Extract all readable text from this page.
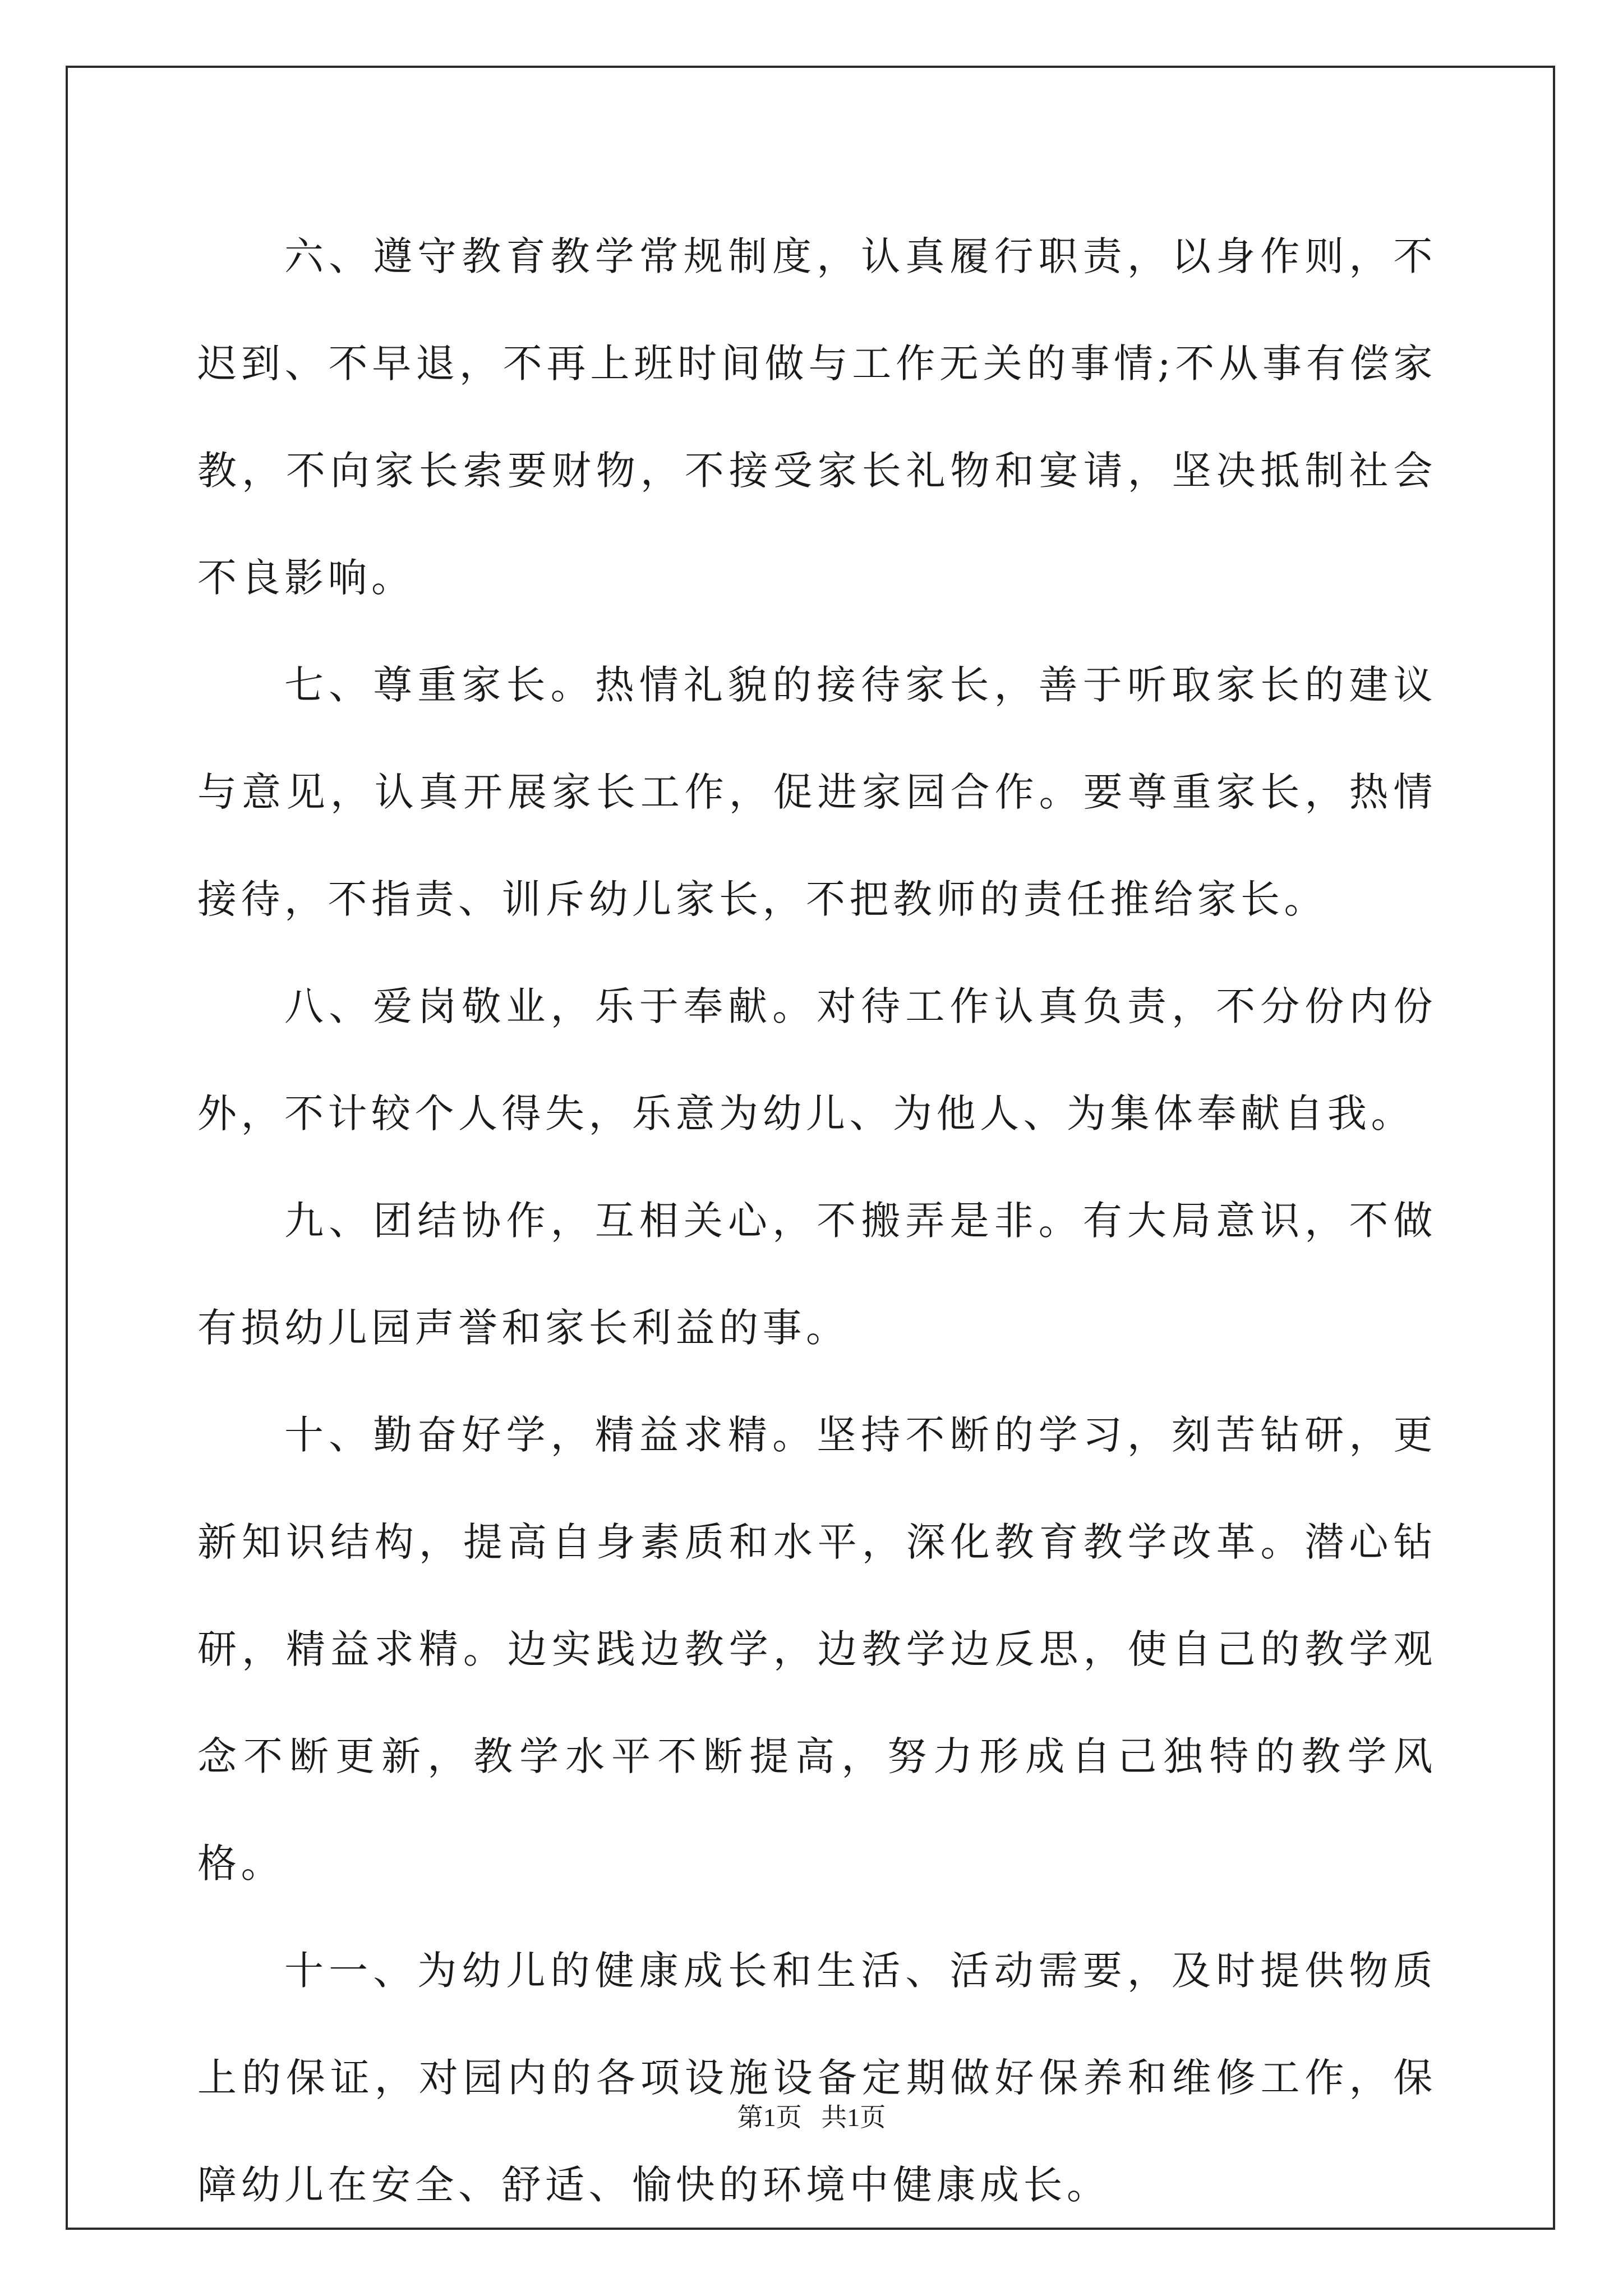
六、遵守教育教学常规制度，认真履行职责，以身作则，不迟到、不早退，不再上班时间做与工作无关的事情;不从事有偿家教，不向家长索要财物，不接受家长礼物和宴请，坚决抵制社会不良影响。

七、尊重家长。热情礼貌的接待家长，善于听取家长的建议与意见，认真开展家长工作，促进家园合作。要尊重家长，热情接待，不指责、训斥幼儿家长，不把教师的责任推给家长。

八、爱岗敬业，乐于奉献。对待工作认真负责，不分份内份外，不计较个人得失，乐意为幼儿、为他人、为集体奉献自我。

九、团结协作，互相关心，不搬弄是非。有大局意识，不做有损幼儿园声誉和家长利益的事。

十、勤奋好学，精益求精。坚持不断的学习，刻苦钻研，更新知识结构，提高自身素质和水平，深化教育教学改革。潜心钻研，精益求精。边实践边教学，边教学边反思，使自己的教学观念不断更新，教学水平不断提高，努力形成自己独特的教学风格。

十一、为幼儿的健康成长和生活、活动需要，及时提供物质上的保证，对园内的各项设施设备定期做好保养和维修工作，保障幼儿在安全、舒适、愉快的环境中健康成长。

第1页   共1页
